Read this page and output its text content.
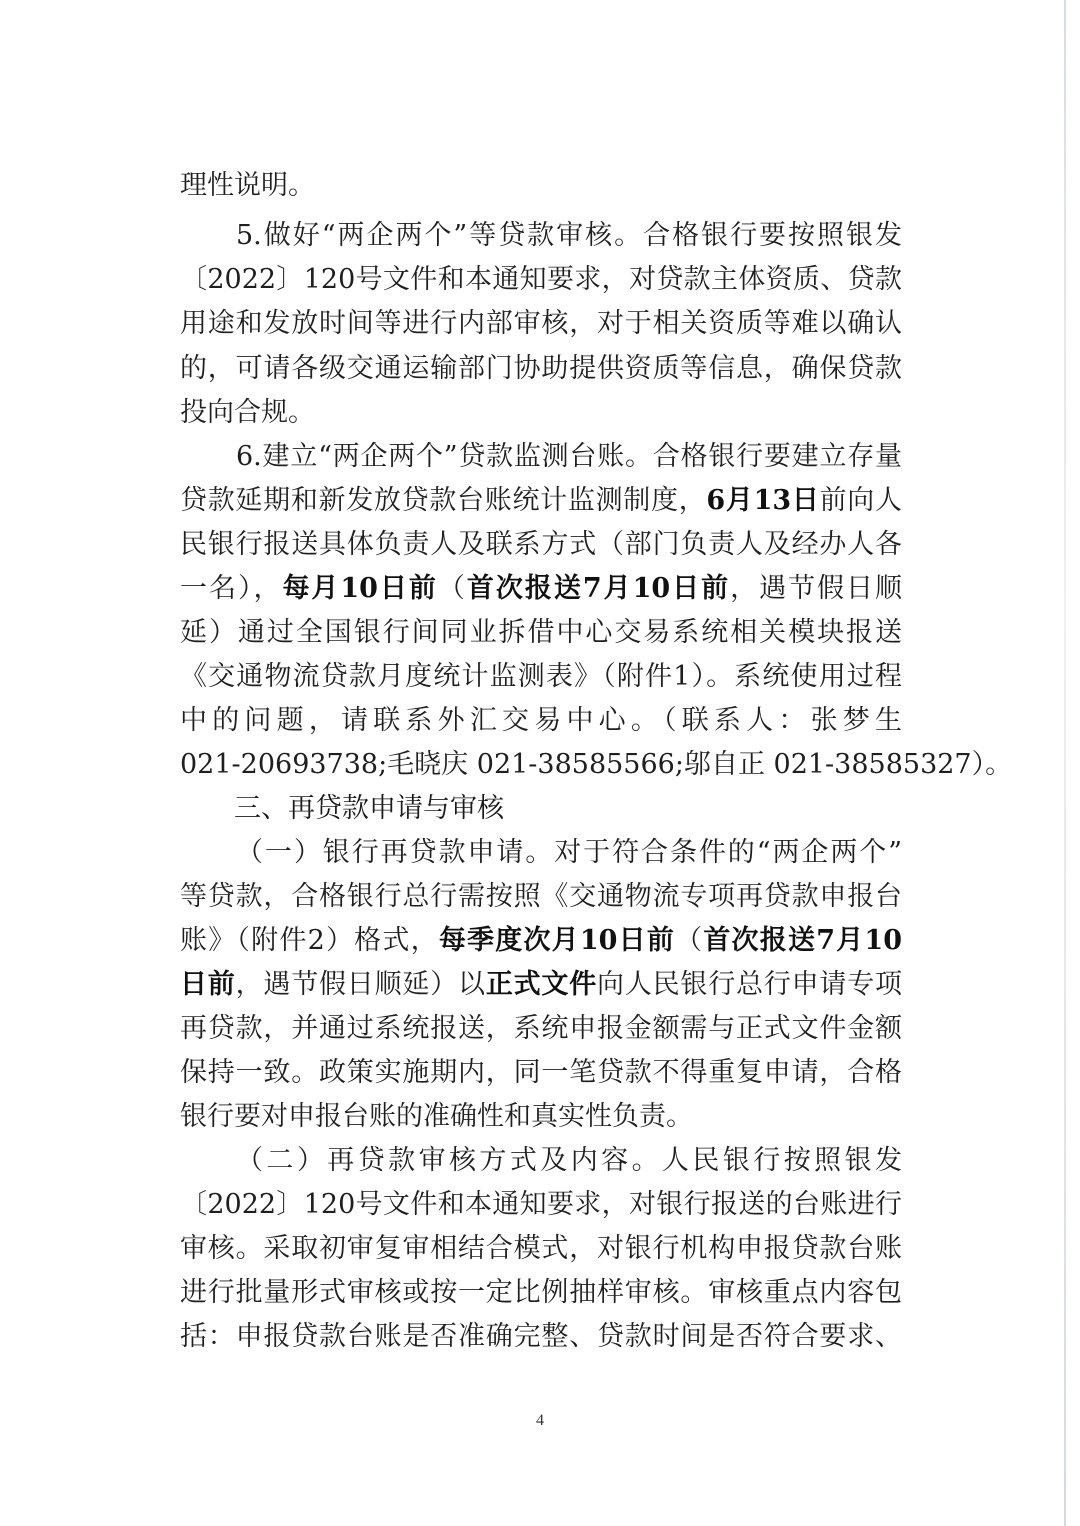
理性说明。

5.做好“两企两个”等贷款审核。合格银行要按照银发

〔2022〕120号文件和本通知要求，对贷款主体资质、贷款

用途和发放时间等进行内部审核，对于相关资质等难以确认

的，可请各级交通运输部门协助提供资质等信息，确保贷款

投向合规。

6.建立“两企两个”贷款监测台账。合格银行要建立存量

贷款延期和新发放贷款台账统计监测制度，6月13日前向人

民银行报送具体负责人及联系方式（部门负责人及经办人各

一名），每月10日前（首次报送7月10日前，遇节假日顺

延）通过全国银行间同业拆借中心交易系统相关模块报送

《交通物流贷款月度统计监测表》（附件1）。系统使用过程

中的问题，请联系外汇交易中心。（联系人：张梦生

021-20693738;毛晓庆 021-38585566;邬自正 021-38585327）。

三、再贷款申请与审核

（一）银行再贷款申请。对于符合条件的“两企两个”

等贷款，合格银行总行需按照《交通物流专项再贷款申报台

账》（附件2）格式，每季度次月10日前（首次报送7月10

日前，遇节假日顺延）以正式文件向人民银行总行申请专项

再贷款，并通过系统报送，系统申报金额需与正式文件金额

保持一致。政策实施期内，同一笔贷款不得重复申请，合格

银行要对申报台账的准确性和真实性负责。

（二）再贷款审核方式及内容。人民银行按照银发

〔2022〕120号文件和本通知要求，对银行报送的台账进行

审核。采取初审复审相结合模式，对银行机构申报贷款台账

进行批量形式审核或按一定比例抽样审核。审核重点内容包

括：申报贷款台账是否准确完整、贷款时间是否符合要求、

4
